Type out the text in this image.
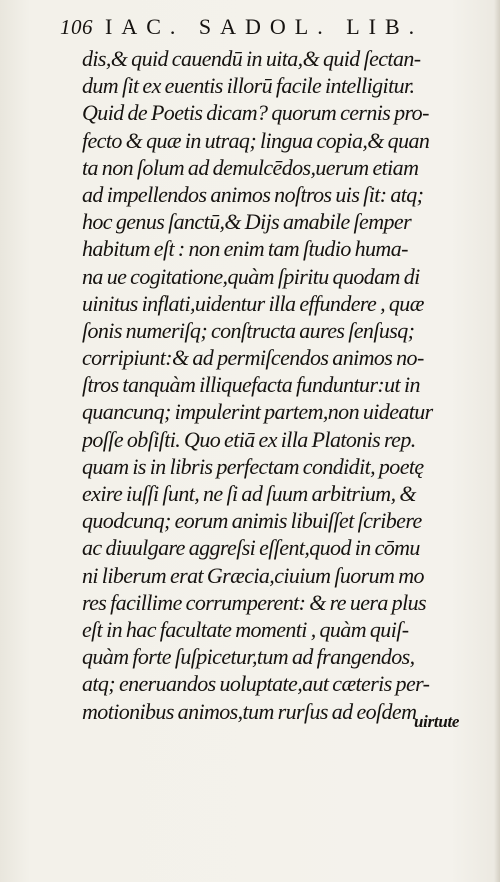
106 IAC. SADOL. LIB.
dis,& quid cauendū in uita,& quid ſectan-
dum ſit ex euentis illorū facile intelligitur.
Quid de Poetis dicam? quorum cernis pro-
fecto & quæ in utraq; lingua copia,& quan
ta non ſolum ad demulcēdos,uerum etiam
ad impellendos animos noſtros uis ſit: atq;
hoc genus ſanctū,& Dijs amabile ſemper
habitum eſt : non enim tam ſtudio huma-
na ue cogitatione,quàm ſpiritu quodam di
uinitus inflati,uidentur illa effundere , quæ
ſonis numeriſq; conſtructa aures ſenſusq;
corripiunt:& ad permiſcendos animos no-
ſtros tanquàm illiquefacta funduntur:ut in
quancunq; impulerint partem,non uideatur
poſſe obſiſti. Quo etiā ex illa Platonis rep.
quam is in libris perfectam condidit, poetę
exire iuſſi ſunt, ne ſi ad ſuum arbitrium, &
quodcunq; eorum animis libuiſſet ſcribere
ac diuulgare aggreſsi eſſent,quod in cōmu
ni liberum erat Græcia,ciuium ſuorum mo
res facillime corrumperent: & re uera plus
eſt in hac facultate momenti , quàm quiſ-
quàm forte ſuſpicetur,tum ad frangendos,
atq; eneruandos uoluptate,aut cæteris per-
motionibus animos,tum rurſus ad eoſdem
uirtute
